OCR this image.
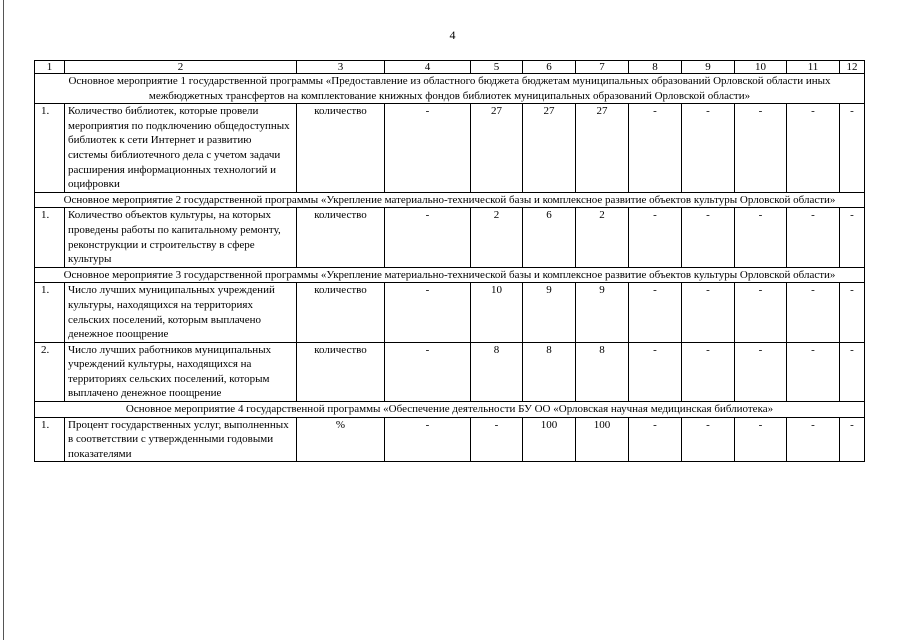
4
1	2	3	4	5	6	7	8	9	10	11	12
Основное мероприятие 1 государственной программы «Предоставление из областного бюджета бюджетам муниципальных образований Орловской области иных межбюджетных трансфертов на комплектование книжных фондов библиотек муниципальных образований Орловской области»											
1.	Количество библиотек, которые провели мероприятия по подключению общедоступных библиотек к сети Интернет и развитию системы библиотечного дела с учетом задачи расширения информационных технологий и оцифровки	количество	-	27	27	27	-	-	-	-	-
Основное мероприятие 2 государственной программы «Укрепление материально-технической базы и комплексное развитие объектов культуры Орловской области»											
1.	Количество объектов культуры, на которых проведены работы по капитальному ремонту, реконструкции и строительству в сфере культуры	количество	-	2	6	2	-	-	-	-	-
Основное мероприятие 3 государственной программы «Укрепление материально-технической базы и комплексное развитие объектов культуры Орловской области»											
1.	Число лучших муниципальных учреждений культуры, находящихся на территориях сельских поселений, которым выплачено денежное поощрение	количество	-	10	9	9	-	-	-	-	-
2.	Число лучших работников муниципальных учреждений культуры, находящихся на территориях сельских поселений, которым выплачено денежное поощрение	количество	-	8	8	8	-	-	-	-	-
Основное мероприятие 4 государственной программы «Обеспечение деятельности БУ ОО «Орловская научная медицинская библиотека»											
1.	Процент государственных услуг, выполненных в соответствии с утвержденными годовыми показателями	%	-	-	100	100	-	-	-	-	-
